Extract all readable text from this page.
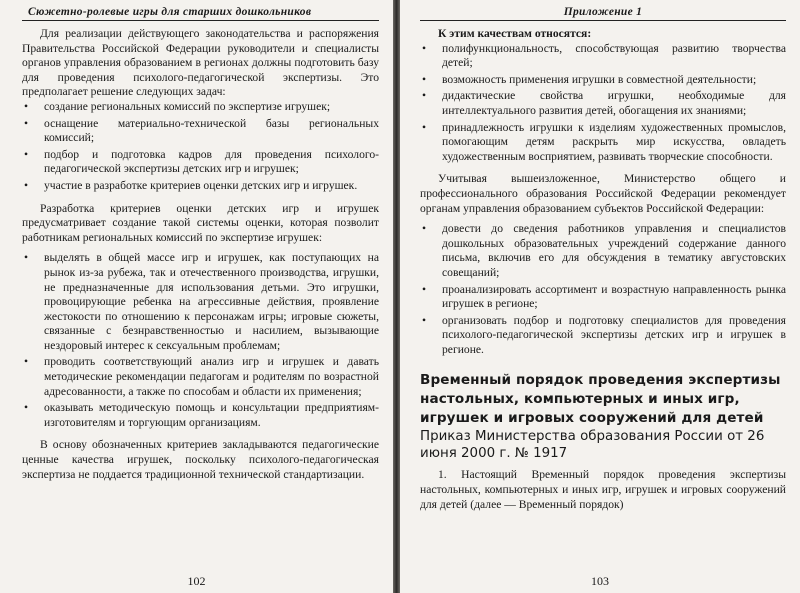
Сюжетно-ролевые игры для старших дошкольников

Для реализации действующего законодательства и распоряжения Правительства Российской Федерации руководители и специалисты органов управления образованием в регионах должны подготовить базу для проведения психолого-педагогической экспертизы. Это предполагает решение следующих задач:

• создание региональных комиссий по экспертизе игрушек;
• оснащение материально-технической базы региональных комиссий;
• подбор и подготовка кадров для проведения психолого-педагогической экспертизы детских игр и игрушек;
• участие в разработке критериев оценки детских игр и игрушек.

Разработка критериев оценки детских игр и игрушек предусматривает создание такой системы оценки, которая позволит работникам региональных комиссий по экспертизе игрушек:

• выделять в общей массе игр и игрушек, как поступающих на рынок из-за рубежа, так и отечественного производства, игрушки, не предназначенные для использования детьми. Это игрушки, провоцирующие ребенка на агрессивные действия, проявление жестокости по отношению к персонажам игры; игровые сюжеты, связанные с безнравственностью и насилием, вызывающие нездоровый интерес к сексуальным проблемам;
• проводить соответствующий анализ игр и игрушек и давать методические рекомендации педагогам и родителям по возрастной адресованности, а также по способам и области их применения;
• оказывать методическую помощь и консультации предприятиям-изготовителям и торгующим организациям.

В основу обозначенных критериев закладываются педагогические ценные качества игрушек, поскольку психолого-педагогическая экспертиза не поддается традиционной технической стандартизации.

102
Приложение 1
К этим качествам относятся:
• полифункциональность, способствующая развитию творчества детей;
• возможность применения игрушки в совместной деятельности;
• дидактические свойства игрушки, необходимые для интеллектуального развития детей, обогащения их знаниями;
• принадлежность игрушки к изделиям художественных промыслов, помогающим детям раскрыть мир искусства, овладеть художественным восприятием, развивать творческие способности.

Учитывая вышеизложенное, Министерство общего и профессионального образования Российской Федерации рекомендует органам управления образованием субъектов Российской Федерации:

• довести до сведения работников управления и специалистов дошкольных образовательных учреждений содержание данного письма, включив его для обсуждения в тематику августовских совещаний;
• проанализировать ассортимент и возрастную направленность рынка игрушек в регионе;
• организовать подбор и подготовку специалистов для проведения психолого-педагогической экспертизы детских игр и игрушек в регионе.
Временный порядок проведения экспертизы настольных, компьютерных и иных игр, игрушек и игровых сооружений для детей
Приказ Министерства образования России от 26 июня 2000 г. № 1917

1. Настоящий Временный порядок проведения экспертизы настольных, компьютерных и иных игр, игрушек и игровых сооружений для детей (далее — Временный порядок)

103
